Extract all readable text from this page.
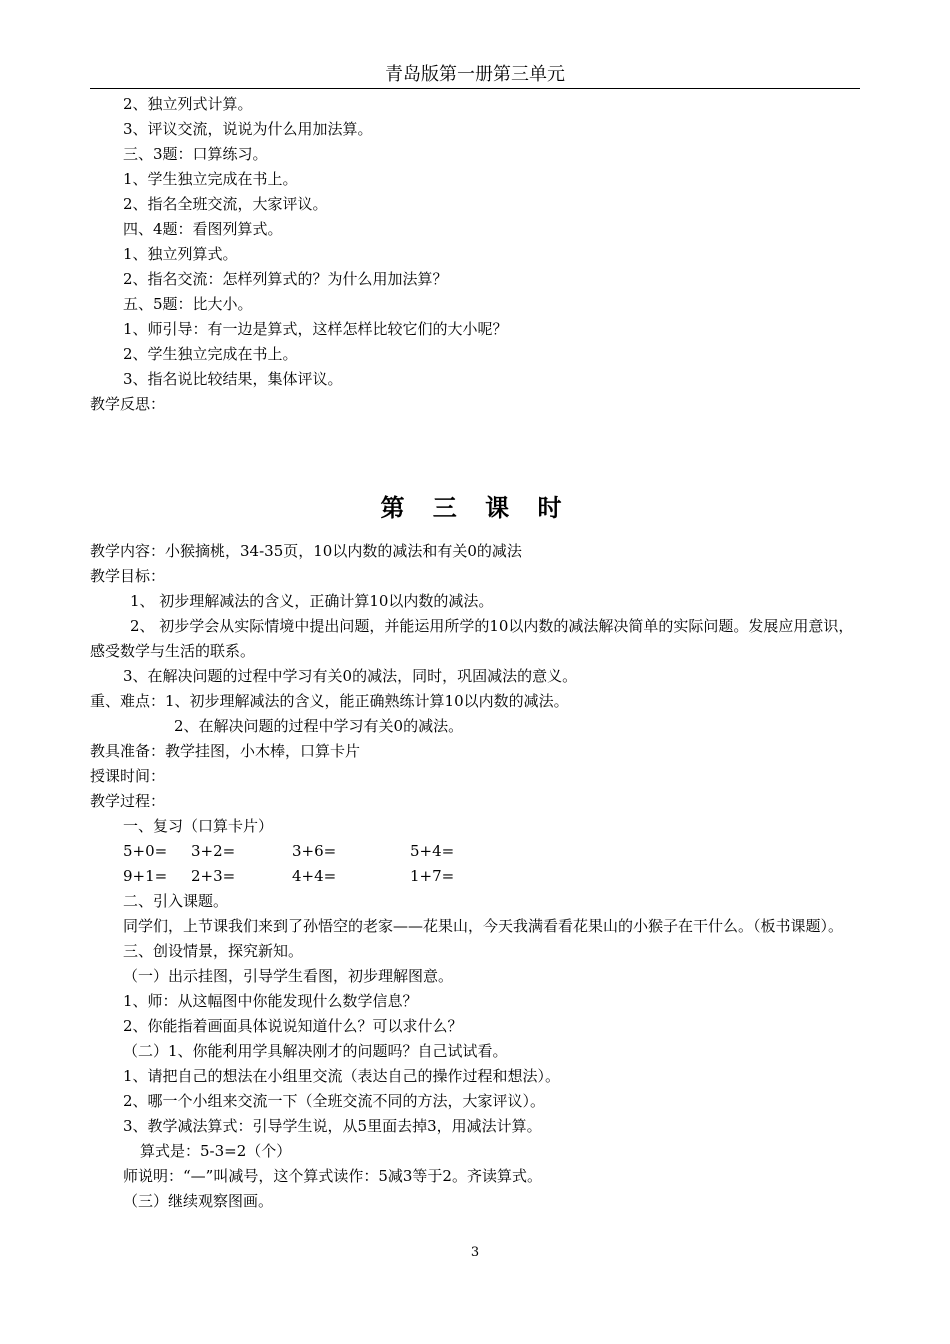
青岛版第一册第三单元
2、独立列式计算。
3、评议交流，说说为什么用加法算。
三、3题：口算练习。
1、学生独立完成在书上。
2、指名全班交流，大家评议。
四、4题：看图列算式。
1、独立列算式。
2、指名交流：怎样列算式的？为什么用加法算？
五、5题：比大小。
1、师引导：有一边是算式，这样怎样比较它们的大小呢？
2、学生独立完成在书上。
3、指名说比较结果，集体评议。
教学反思：
第 三 课 时
教学内容：小猴摘桃，34-35页，10以内数的减法和有关0的减法
教学目标：
1、 初步理解减法的含义，正确计算10以内数的减法。
2、 初步学会从实际情境中提出问题，并能运用所学的10以内数的减法解决简单的实际问题。发展应用意识，感受数学与生活的联系。
3、在解决问题的过程中学习有关0的减法，同时，巩固减法的意义。
重、难点：1、初步理解减法的含义，能正确熟练计算10以内数的减法。
2、在解决问题的过程中学习有关0的减法。
教具准备：教学挂图，小木棒，口算卡片
授课时间：
教学过程：
一、复习（口算卡片）
5+0= 3+2=	3+6=	5+4=
9+1= 2+3=	4+4=	1+7=
二、引入课题。
同学们，上节课我们来到了孙悟空的老家——花果山，今天我满看看花果山的小猴子在干什么。（板书课题）。
三、创设情景，探究新知。
（一）出示挂图，引导学生看图，初步理解图意。
1、师：从这幅图中你能发现什么数学信息？
2、你能指着画面具体说说知道什么？可以求什么？
（二）1、你能利用学具解决刚才的问题吗？自己试试看。
1、请把自己的想法在小组里交流（表达自己的操作过程和想法）。
2、哪一个小组来交流一下（全班交流不同的方法，大家评议）。
3、教学减法算式：引导学生说，从5里面去掉3，用减法计算。
算式是：5-3=2（个）
师说明：“—”叫减号，这个算式读作：5减3等于2。齐读算式。
（三）继续观察图画。
3
